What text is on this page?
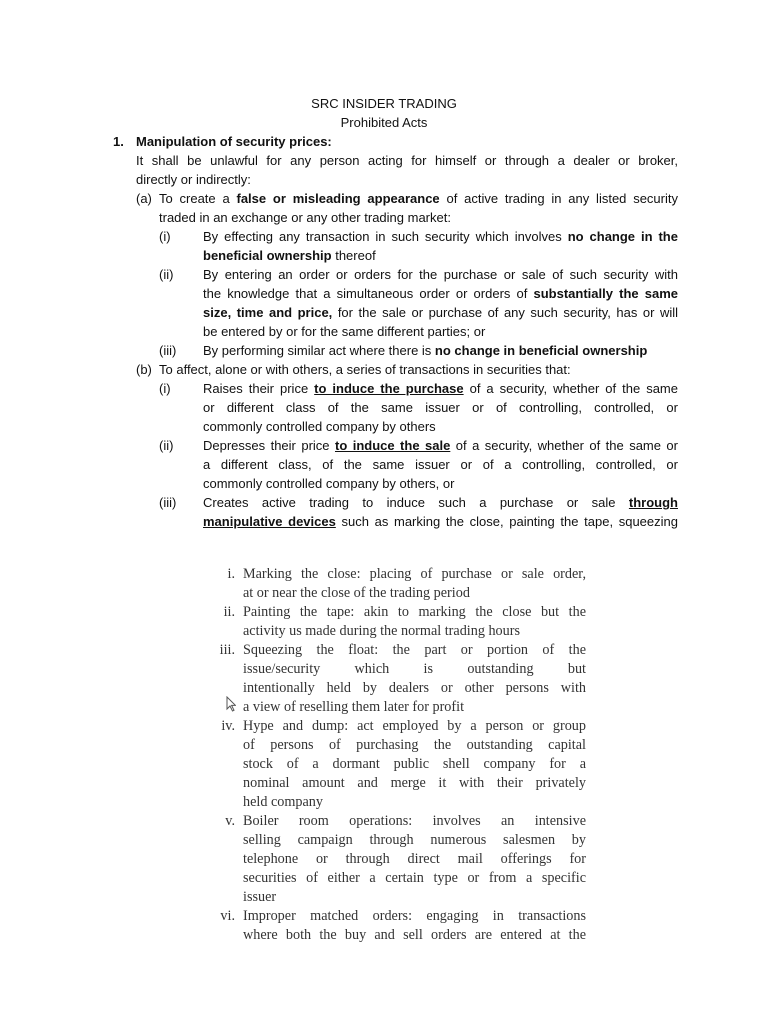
SRC INSIDER TRADING
Prohibited Acts
1. Manipulation of security prices:
It shall be unlawful for any person acting for himself or through a dealer or broker,
directly or indirectly:
(a) To create a false or misleading appearance of active trading in any listed security
traded in an exchange or any other trading market:
(i) By effecting any transaction in such security which involves no change in the
beneficial ownership thereof
(ii) By entering an order or orders for the purchase or sale of such security with
the knowledge that a simultaneous order or orders of substantially the same
size, time and price, for the sale or purchase of any such security, has or will
be entered by or for the same different parties; or
(iii) By performing similar act where there is no change in beneficial ownership
(b) To affect, alone or with others, a series of transactions in securities that:
(i) Raises their price to induce the purchase of a security, whether of the same
or different class of the same issuer or of controlling, controlled, or
commonly controlled company by others
(ii) Depresses their price to induce the sale of a security, whether of the same or
a different class, of the same issuer or of a controlling, controlled, or
commonly controlled company by others, or
(iii) Creates active trading to induce such a purchase or sale through
manipulative devices such as marking the close, painting the tape, squeezing
i. Marking the close: placing of purchase or sale order,
at or near the close of the trading period
ii. Painting the tape: akin to marking the close but the
activity us made during the normal trading hours
iii. Squeezing the float: the part or portion of the
issue/security which is outstanding but
intentionally held by dealers or other persons with
a view of reselling them later for profit
iv. Hype and dump: act employed by a person or group
of persons of purchasing the outstanding capital
stock of a dormant public shell company for a
nominal amount and merge it with their privately
held company
v. Boiler room operations: involves an intensive
selling campaign through numerous salesmen by
telephone or through direct mail offerings for
securities of either a certain type or from a specific
issuer
vi. Improper matched orders: engaging in transactions
where both the buy and sell orders are entered at the
